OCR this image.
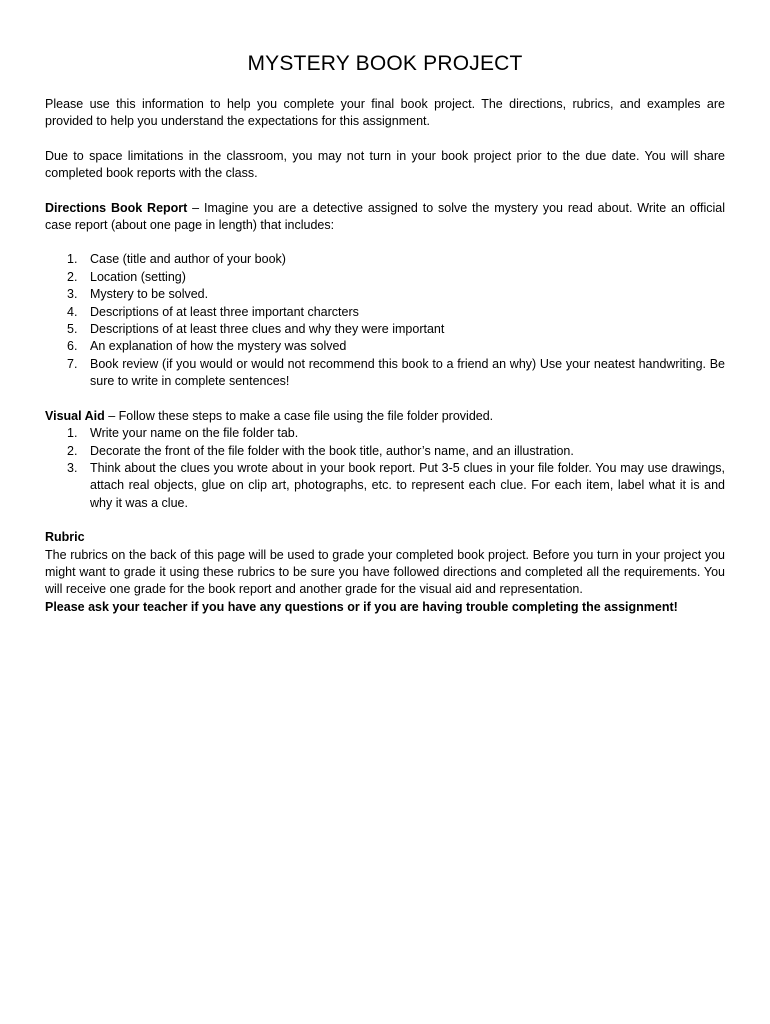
MYSTERY BOOK PROJECT

Please use this information to help you complete your final book project. The directions, rubrics, and examples are provided to help you understand the expectations for this assignment.

Due to space limitations in the classroom, you may not turn in your book project prior to the due date. You will share completed book reports with the class.

Directions Book Report – Imagine you are a detective assigned to solve the mystery you read about. Write an official case report (about one page in length) that includes:

1. Case (title and author of your book)
2. Location (setting)
3. Mystery to be solved.
4. Descriptions of at least three important charcters
5. Descriptions of at least three clues and why they were important
6. An explanation of how the mystery was solved
7. Book review (if you would or would not recommend this book to a friend an why) Use your neatest handwriting. Be sure to write in complete sentences!

Visual Aid – Follow these steps to make a case file using the file folder provided.

1. Write your name on the file folder tab.
2. Decorate the front of the file folder with the book title, author’s name, and an illustration.
3. Think about the clues you wrote about in your book report. Put 3-5 clues in your file folder. You may use drawings, attach real objects, glue on clip art, photographs, etc. to represent each clue. For each item, label what it is and why it was a clue.

Rubric

The rubrics on the back of this page will be used to grade your completed book project. Before you turn in your project you might want to grade it using these rubrics to be sure you have followed directions and completed all the requirements. You will receive one grade for the book report and another grade for the visual aid and representation.

Please ask your teacher if you have any questions or if you are having trouble completing the assignment!
